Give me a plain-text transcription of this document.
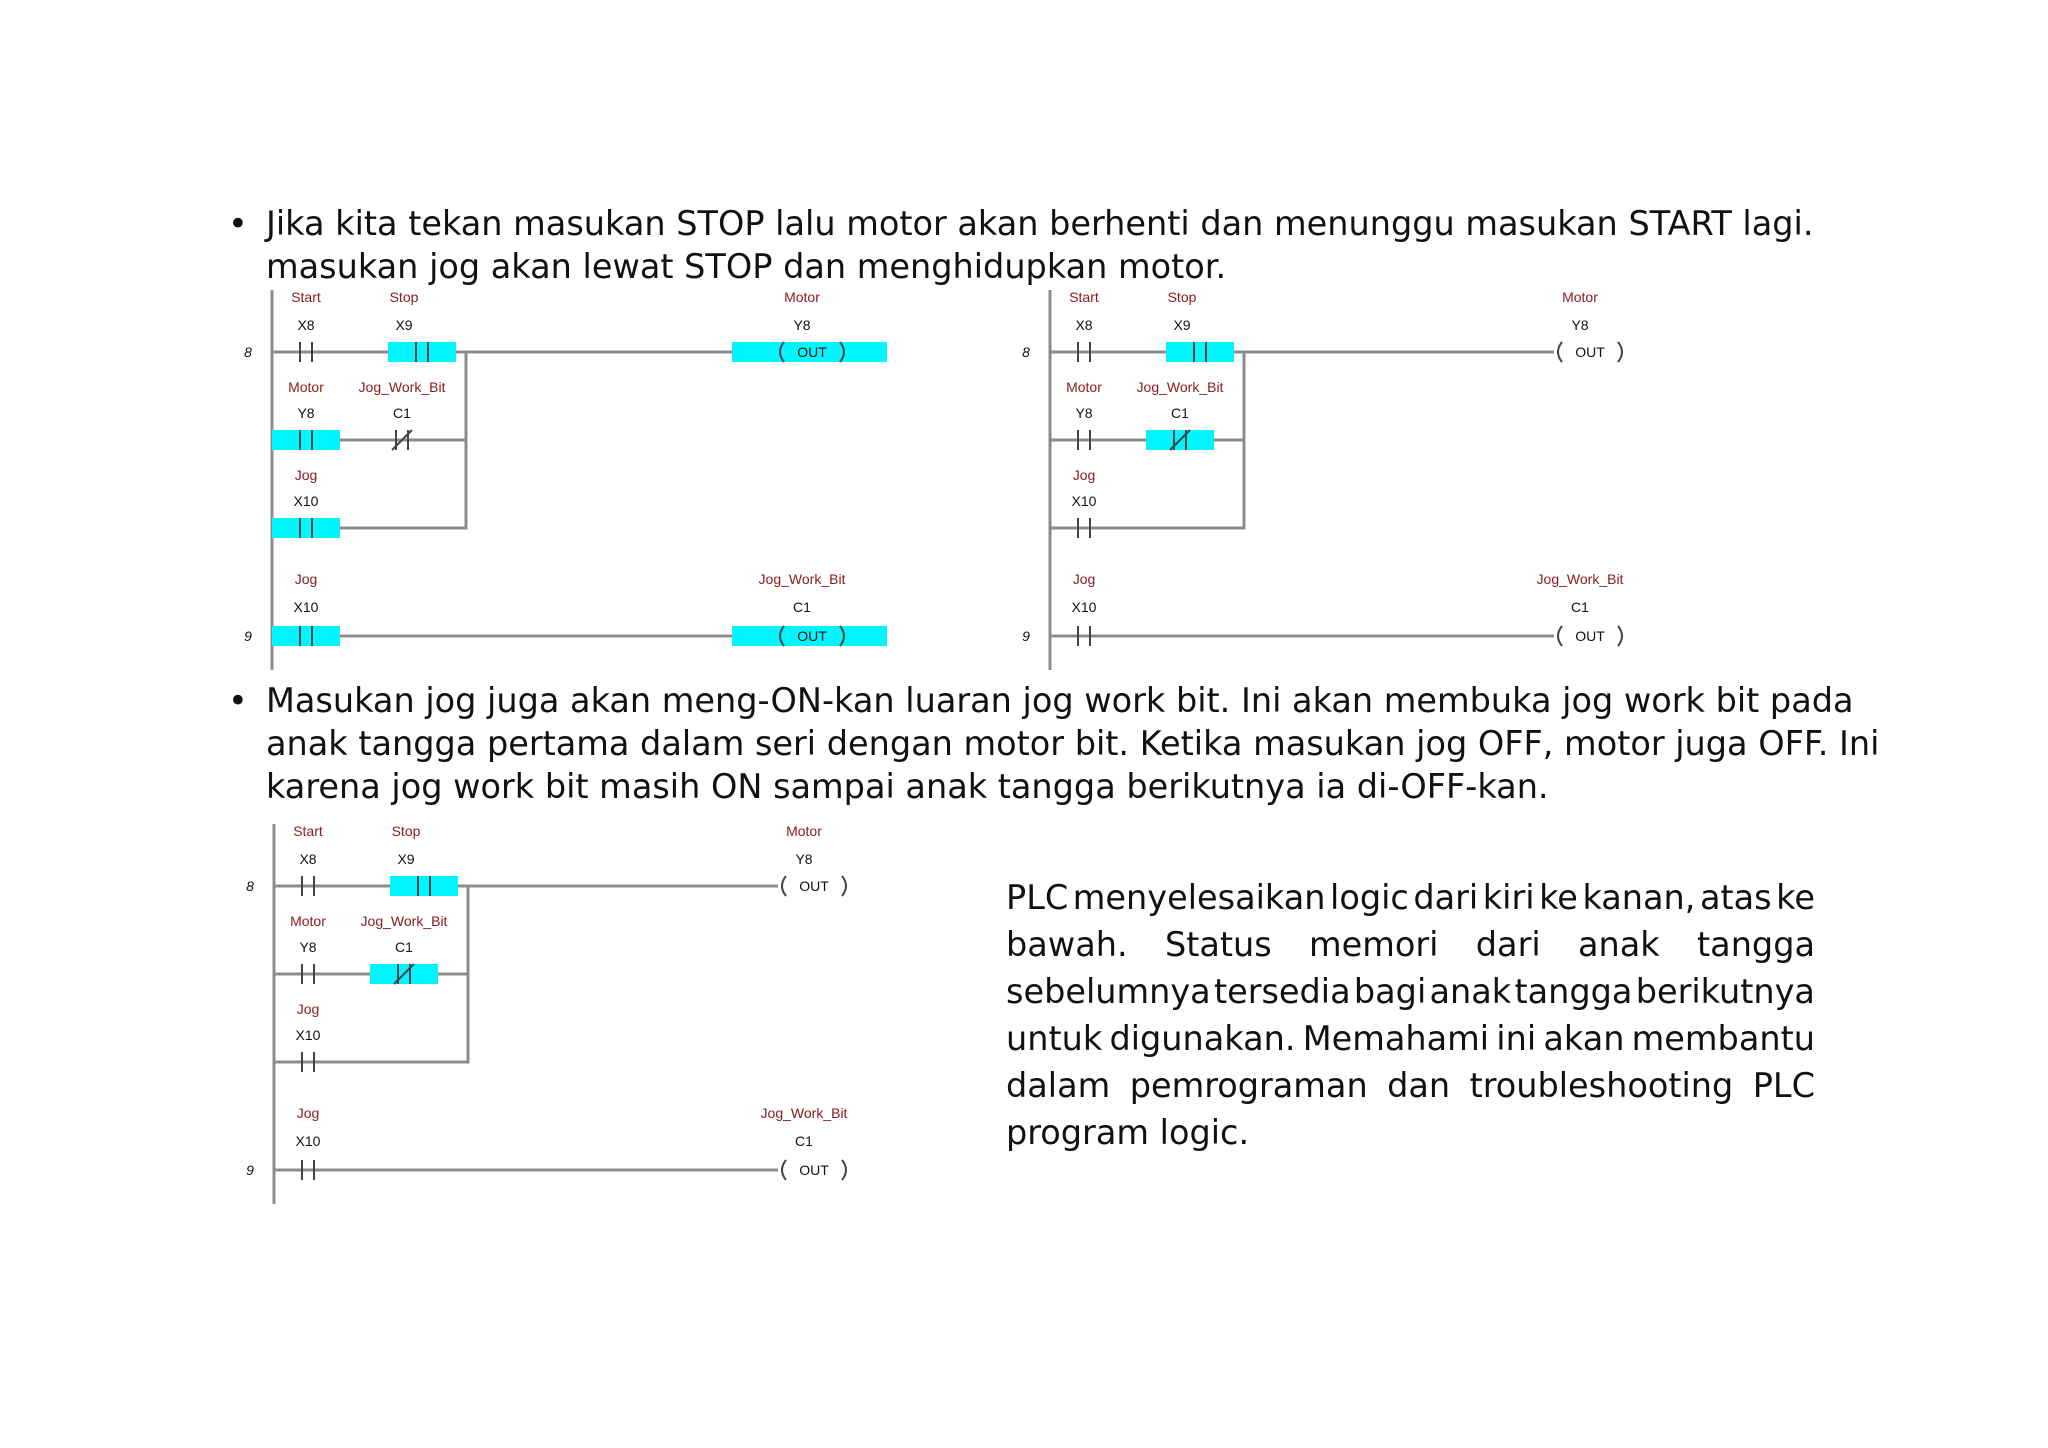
• Jika kita tekan masukan STOP lalu motor akan berhenti dan menunggu masukan START lagi.
masukan jog akan lewat STOP dan menghidupkan motor.
• Masukan jog juga akan meng-ON-kan luaran jog work bit. Ini akan membuka jog work bit pada
anak tangga pertama dalam seri dengan motor bit. Ketika masukan jog OFF, motor juga OFF. Ini
karena jog work bit masih ON sampai anak tangga berikutnya ia di-OFF-kan.
PLC menyelesaikan logic dari kiri ke kanan, atas ke
bawah. Status memori dari anak tangga
sebelumnya tersedia bagi anak tangga berikutnya
untuk digunakan. Memahami ini akan membantu
dalam pemrograman dan troubleshooting PLC
program logic.
8
9
Start
X8
Stop
X9
Motor
Y8
OUT
Motor
Y8
Jog_Work_Bit
C1
Jog
X10
Jog
X10
Jog_Work_Bit
C1
OUT
8
9
Start
X8
Stop
X9
Motor
Y8
OUT
Motor
Y8
Jog_Work_Bit
C1
Jog
X10
Jog
X10
Jog_Work_Bit
C1
OUT
8
9
Start
X8
Stop
X9
Motor
Y8
OUT
Motor
Y8
Jog_Work_Bit
C1
Jog
X10
Jog
X10
Jog_Work_Bit
C1
OUT
